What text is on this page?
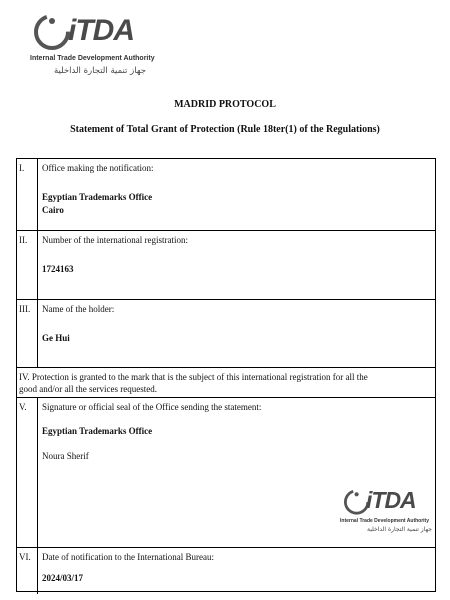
iTDA
Internal Trade Development Authority
جهاز تنمية التجارة الداخلية
MADRID PROTOCOL
Statement of Total Grant of Protection (Rule 18ter(1) of the Regulations)
I. Office making the notification:
Egyptian Trademarks Office
Cairo
II. Number of the international registration:
1724163
III. Name of the holder:
Ge Hui
IV. Protection is granted to the mark that is the subject of this international registration for all the
good and/or all the services requested.
V. Signature or official seal of the Office sending the statement:
Egyptian Trademarks Office
Noura Sherif
VI. Date of notification to the International Bureau:
2024/03/17
iTDA
Internal Trade Development Authority
جهاز تنمية التجارة الداخلية
